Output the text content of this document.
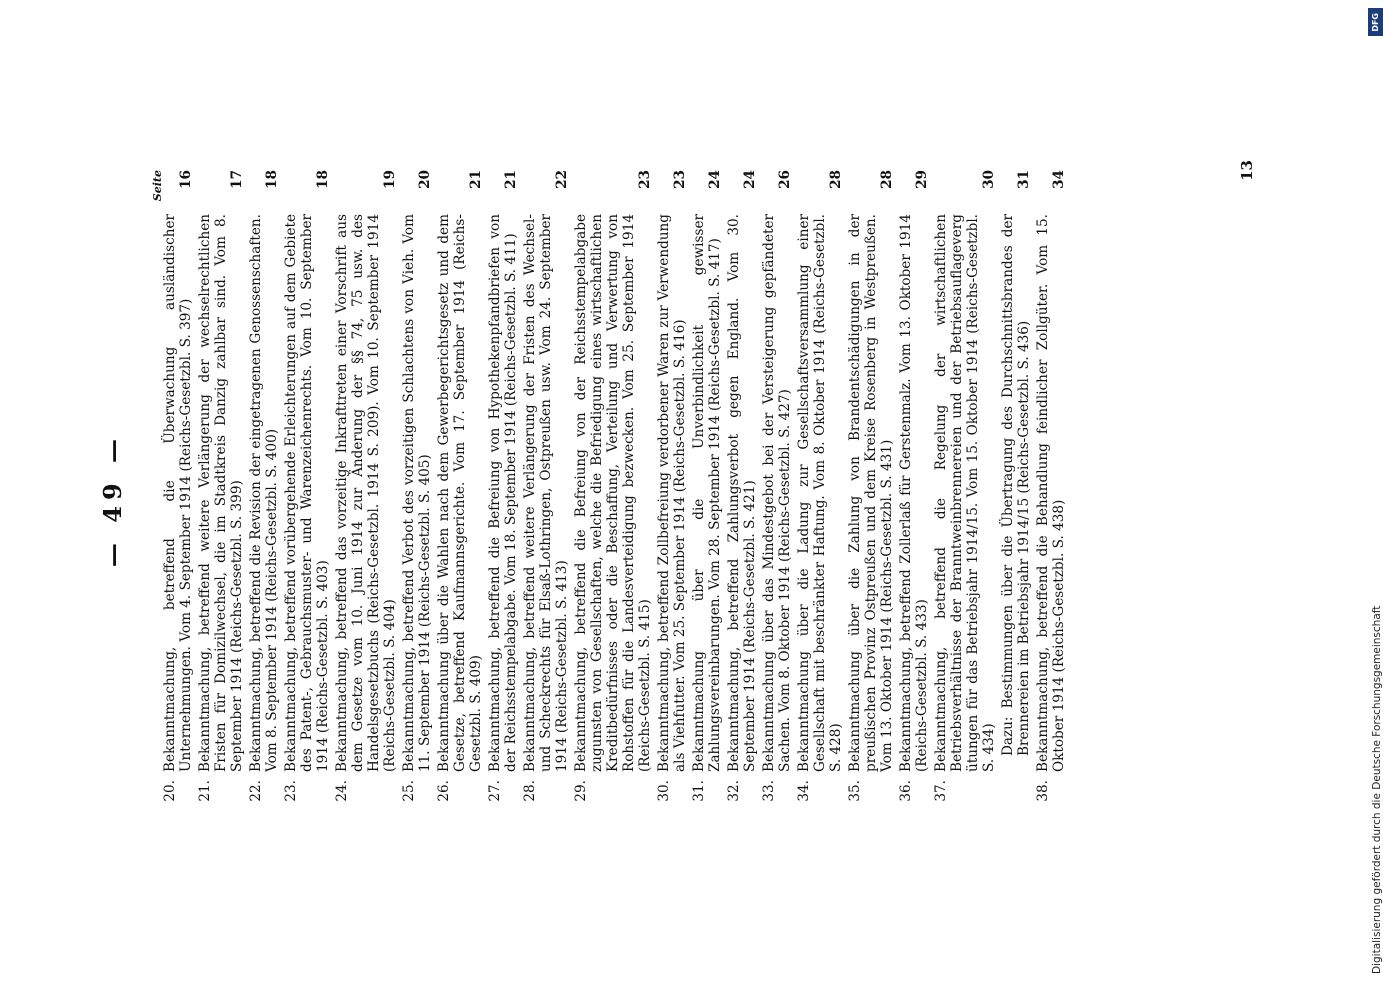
— 49 —
Seite
20.
Bekanntmachung, betreffend die Überwachung ausländischer Unternehmungen. Vom 4. September 1914 (Reichs-Gesetzbl. S. 397)
16
21.
Bekanntmachung, betreffend weitere Verlängerung der wechselrechtlichen Fristen für Domizilwechsel, die im Stadtkreis Danzig zahlbar sind. Vom 8. September 1914 (Reichs-Gesetzbl. S. 399)
17
22.
Bekanntmachung, betreffend die Revision der eingetragenen Genossenschaften. Vom 8. September 1914 (Reichs-Gesetzbl. S. 400)
18
23.
Bekanntmachung, betreffend vorübergehende Erleichterungen auf dem Gebiete des Patent-, Gebrauchsmuster- und Warenzeichenrechts. Vom 10. September 1914 (Reichs-Gesetzbl. S. 403)
18
24.
Bekanntmachung, betreffend das vorzeitige Inkrafttreten einer Vorschrift aus dem Gesetze vom 10. Juni 1914 zur Änderung der §§ 74, 75 usw. des Handelsgesetzbuchs (Reichs-Gesetzbl. 1914 S. 209). Vom 10. September 1914 (Reichs-Gesetzbl. S. 404)
19
25.
Bekanntmachung, betreffend Verbot des vorzeitigen Schlachtens von Vieh. Vom 11. September 1914 (Reichs-Gesetzbl. S. 405)
20
26.
Bekanntmachung über die Wahlen nach dem Gewerbegerichtsgesetz und dem Gesetze, betreffend Kaufmannsgerichte. Vom 17. September 1914 (Reichs-Gesetzbl. S. 409)
21
27.
Bekanntmachung, betreffend die Befreiung von Hypothekenpfandbriefen von der Reichsstempelabgabe. Vom 18. September 1914 (Reichs-Gesetzbl. S. 411)
21
28.
Bekanntmachung, betreffend weitere Verlängerung der Fristen des Wechsel- und Scheckrechts für Elsaß-Lothringen, Ostpreußen usw. Vom 24. September 1914 (Reichs-Gesetzbl. S. 413)
22
29.
Bekanntmachung, betreffend die Befreiung von der Reichsstempelabgabe zugunsten von Gesellschaften, welche die Befriedigung eines wirtschaftlichen Kreditbedürfnisses oder die Beschaffung, Verteilung und Verwertung von Rohstoffen für die Landesverteidigung bezwecken. Vom 25. September 1914 (Reichs-Gesetzbl. S. 415)
23
30.
Bekanntmachung, betreffend Zollbefreiung verdorbener Waren zur Verwendung als Viehfutter. Vom 25. September 1914 (Reichs-Gesetzbl. S. 416)
23
31.
Bekanntmachung über die Unverbindlichkeit gewisser Zahlungsvereinbarungen. Vom 28. September 1914 (Reichs-Gesetzbl. S. 417)
24
32.
Bekanntmachung, betreffend Zahlungsverbot gegen England. Vom 30. September 1914 (Reichs-Gesetzbl. S. 421)
24
33.
Bekanntmachung über das Mindestgebot bei der Versteigerung gepfändeter Sachen. Vom 8. Oktober 1914 (Reichs-Gesetzbl. S. 427)
26
34.
Bekanntmachung über die Ladung zur Gesellschaftsversammlung einer Gesellschaft mit beschränkter Haftung. Vom 8. Oktober 1914 (Reichs-Gesetzbl. S. 428)
28
35.
Bekanntmachung über die Zahlung von Brandentschädigungen in der preußischen Provinz Ostpreußen und dem Kreise Rosenberg in Westpreußen. Vom 13. Oktober 1914 (Reichs-Gesetzbl. S. 431)
28
36.
Bekanntmachung, betreffend Zollerlaß für Gerstenmalz. Vom 13. Oktober 1914 (Reichs-Gesetzbl. S. 433)
29
37.
Bekanntmachung, betreffend die Regelung der wirtschaftlichen Betriebsverhältnisse der Branntweinbrennereien und der Betriebsauflageverg ütungen für das Betriebsjahr 1914/15. Vom 15. Oktober 1914 (Reichs-Gesetzbl. S. 434)
30
Dazu: Bestimmungen über die Übertragung des Durchschnittsbrandes der Brennereien im Betriebsjahr 1914/15 (Reichs-Gesetzbl. S. 436)
31
38.
Bekanntmachung, betreffend die Behandlung feindlicher Zollgüter. Vom 15. Oktober 1914 (Reichs-Gesetzbl. S. 438)
34	13
DFG
Digitalisierung gefördert durch die Deutsche Forschungsgemeinschaft
